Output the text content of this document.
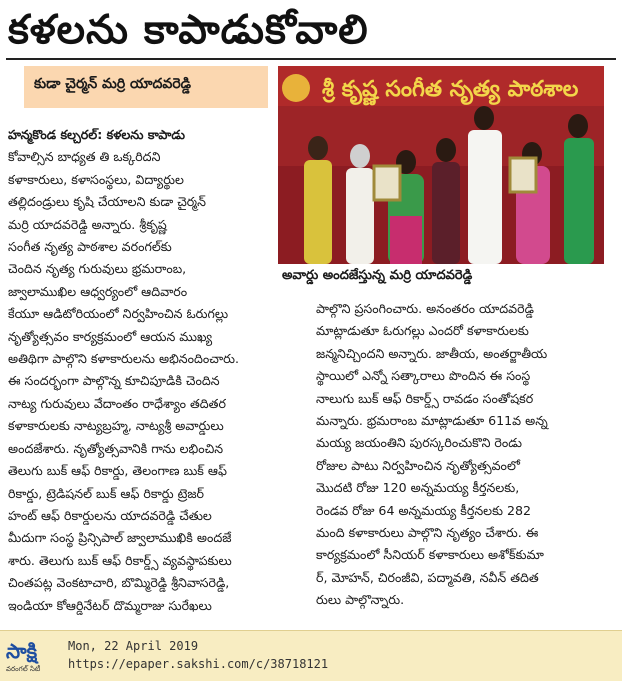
కళలను కాపాడుకోవాలి
కుడా చైర్మన్ మర్రి యాదవరెడ్డి	శ్రీ కృష్ణ సంగీత నృత్య పాఠశాల
అవార్డు అందజేస్తున్న మర్రి యాదవరెడ్డి
హన్మకొండ కల్చరల్: కళలను కాపాడు
కోవాల్సిన బాధ్యత తి ఒక్కరిదని
కళాకారులు, కళాసంస్థలు, విద్యార్థుల
తల్లిదండ్రులు కృషి చేయాలని కుడా చైర్మన్
మర్రి యాదవరెడ్డి అన్నారు. శ్రీకృష్ణ
సంగీత నృత్య పాఠశాల వరంగల్‌కు
చెందిన నృత్య గురువులు భ్రమరాంబ,
జ్వాలాముఖిల ఆధ్వర్యంలో ఆదివారం
కేయూ ఆడిటోరియంలో నిర్వహించిన ఓరుగల్లు
నృత్యోత్సవం కార్యక్రమంలో ఆయన ముఖ్య
అతిథిగా పాల్గొని కళాకారులను అభినందించారు.
ఈ సందర్భంగా పాల్గొన్న కూచిపూడికి చెందిన
నాట్య గురువులు వేదాంతం రాధేశ్యాం తదితర
కళాకారులకు నాట్యబ్రహ్మ, నాట్యశ్రీ అవార్డులు
అందజేశారు. నృత్యోత్సవానికి గాను లభించిన
తెలుగు బుక్ ఆఫ్ రికార్డు, తెలంగాణ బుక్ ఆఫ్
రికార్డు, ట్రెడిషనల్ బుక్ ఆఫ్ రికార్డు ట్రెజర్
హంట్ ఆఫ్ రికార్డులను యాదవరెడ్డి చేతుల
మీదుగా సంస్థ ప్రిన్సిపాల్ జ్వాలాముఖికి అందజే
శారు. తెలుగు బుక్ ఆఫ్ రికార్డ్స్ వ్యవస్థాపకులు
చింతపట్ల వెంకటాచారి, బొమ్మిరెడ్డి శ్రీనివాసరెడ్డి,
ఇండియా కోఆర్డినేటర్ దొమ్మరాజు సురేఖలు
పాల్గొని ప్రసంగించారు. అనంతరం యాదవరెడ్డి
మాట్లాడుతూ ఓరుగల్లు ఎందరో కళాకారులకు
జన్మనిచ్చిందని అన్నారు. జాతీయ, అంతర్జాతీయ
స్థాయిలో ఎన్నో సత్కారాలు పొందిన ఈ సంస్థ
నాలుగు బుక్ ఆఫ్ రికార్డ్స్ రావడం సంతోషకర
మన్నారు. భ్రమరాంబ మాట్లాడుతూ 611వ అన్న
మయ్య జయంతిని పురస్కరించుకొని రెండు
రోజుల పాటు నిర్వహించిన నృత్యోత్సవంలో
మొదటి రోజు 120 అన్నమయ్య కీర్తనలకు,
రెండవ రోజు 64 అన్నమయ్య కీర్తనలకు 282
మంది కళాకారులు పాల్గొని నృత్యం చేశారు. ఈ
కార్యక్రమంలో సీనియర్ కళాకారులు అశోక్‌కుమా
ర్, మోహన్, చిరంజీవి, పద్మావతి, నవీన్ తదిత
రులు పాల్గొన్నారు.
సాక్షి
వరంగల్ సిటీ
Mon, 22 April 2019
https://epaper.sakshi.com/c/38718121
